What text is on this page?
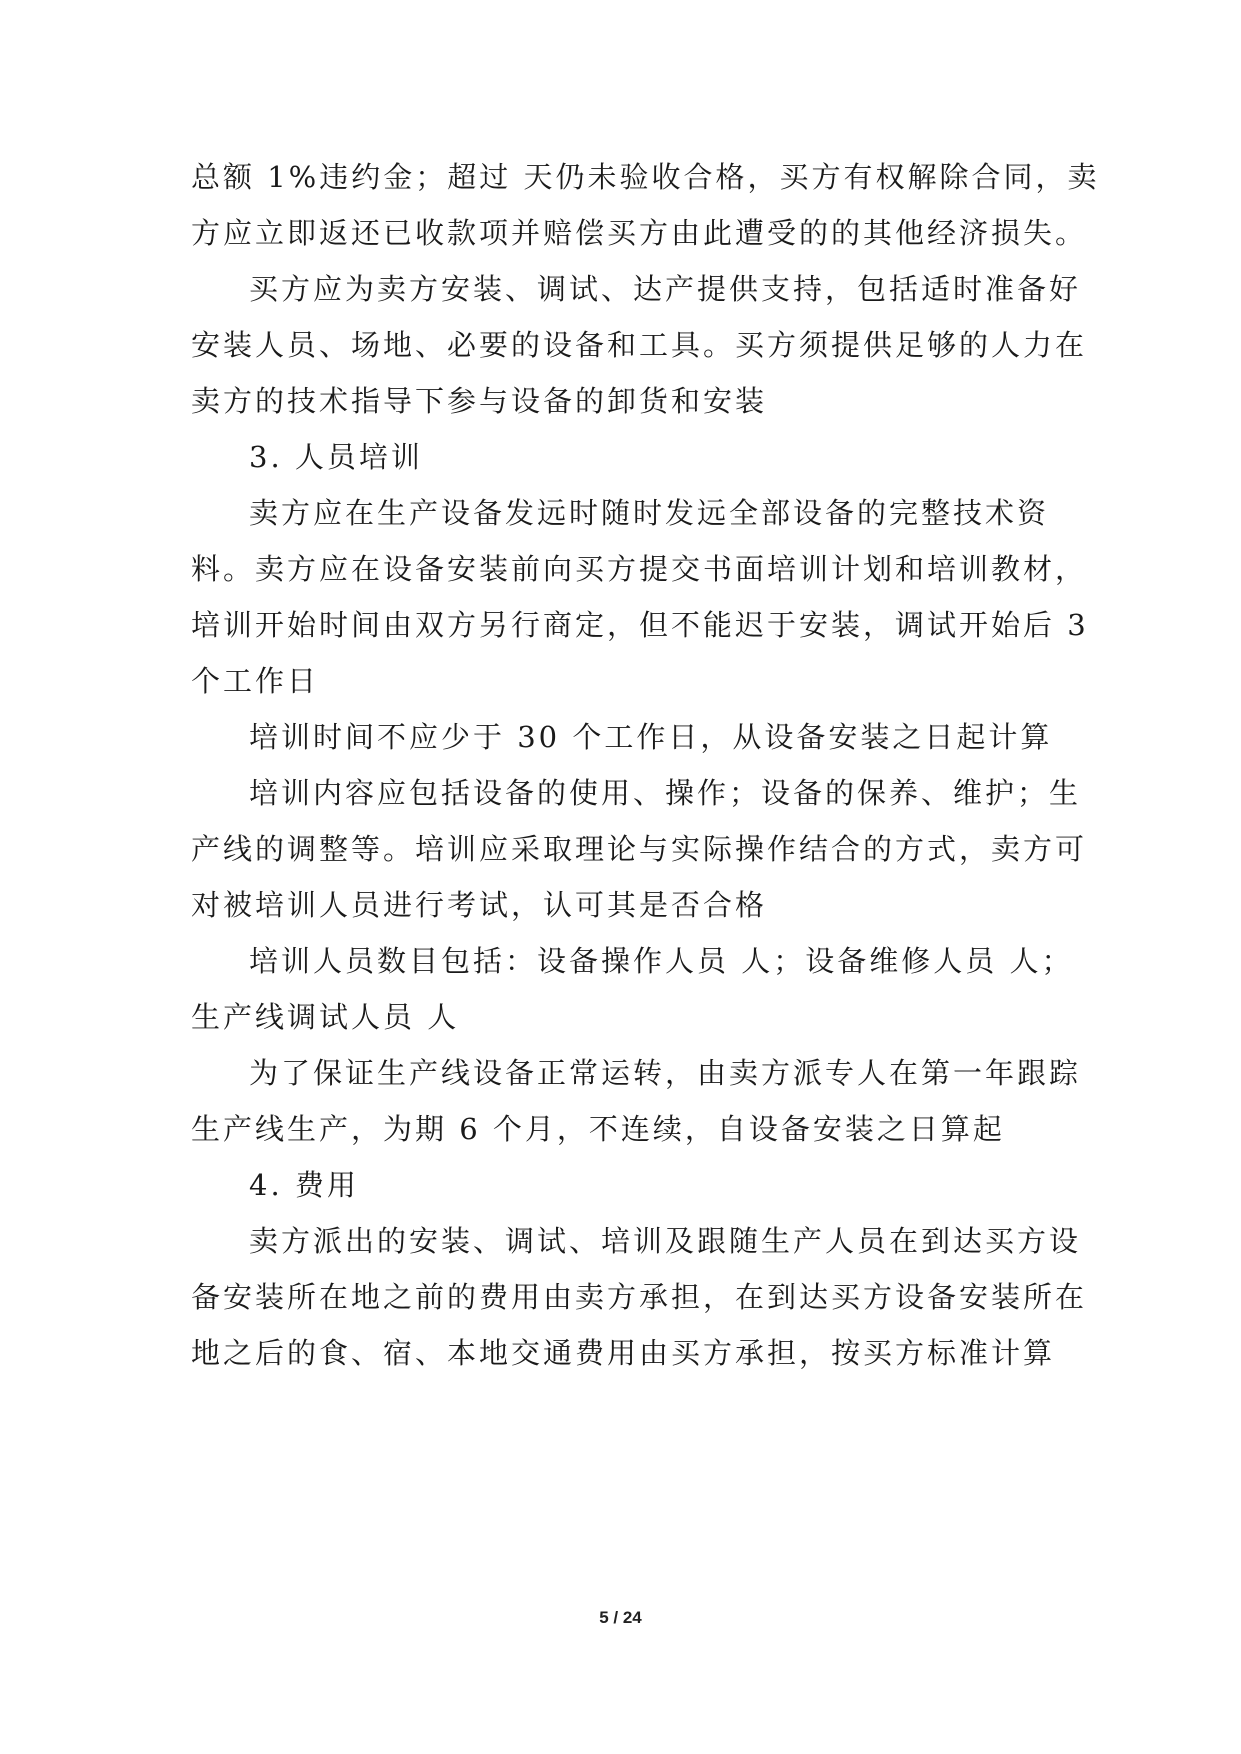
总额 1%违约金；超过 天仍未验收合格，买方有权解除合同，卖
方应立即返还已收款项并赔偿买方由此遭受的的其他经济损失。
买方应为卖方安装、调试、达产提供支持，包括适时准备好
安装人员、场地、必要的设备和工具。买方须提供足够的人力在
卖方的技术指导下参与设备的卸货和安装
3. 人员培训
卖方应在生产设备发远时随时发远全部设备的完整技术资
料。卖方应在设备安装前向买方提交书面培训计划和培训教材，
培训开始时间由双方另行商定，但不能迟于安装，调试开始后 3
个工作日
培训时间不应少于 30 个工作日，从设备安装之日起计算
培训内容应包括设备的使用、操作；设备的保养、维护；生
产线的调整等。培训应采取理论与实际操作结合的方式，卖方可
对被培训人员进行考试，认可其是否合格
培训人员数目包括：设备操作人员 人；设备维修人员 人；
生产线调试人员 人
为了保证生产线设备正常运转，由卖方派专人在第一年跟踪
生产线生产，为期 6 个月，不连续，自设备安装之日算起
4. 费用
卖方派出的安装、调试、培训及跟随生产人员在到达买方设
备安装所在地之前的费用由卖方承担，在到达买方设备安装所在
地之后的食、宿、本地交通费用由买方承担，按买方标准计算
5 / 24
